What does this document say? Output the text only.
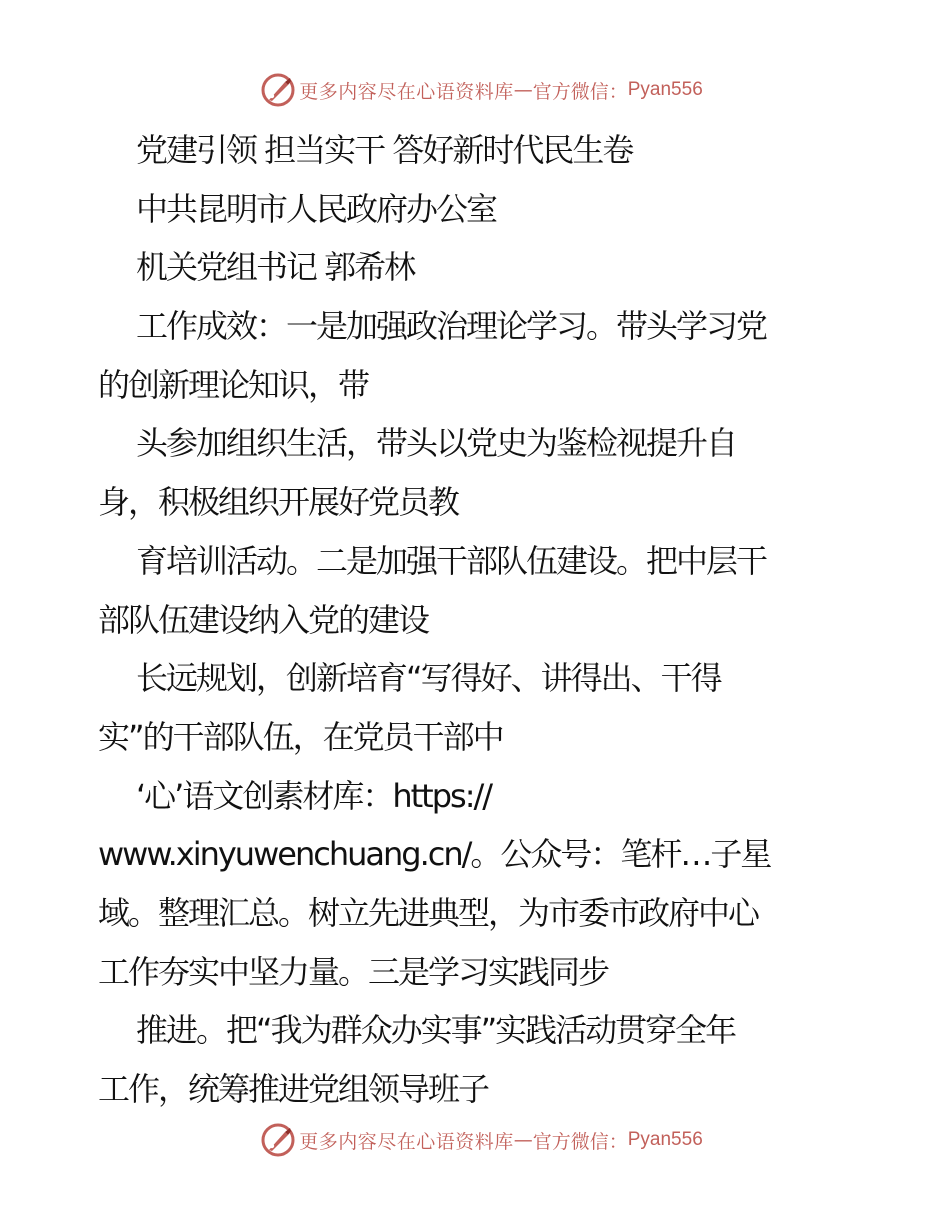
更多内容尽在心语资料库 — 官方微信： Pyan556

党建引领 担当实干 答好新时代民生卷

中共昆明市人民政府办公室

机关党组书记 郭希林

工作成效：一是加强政治理论学习。带头学习党

的创新理论知识，带

头参加组织生活，带头以党史为鉴检视提升自

身，积极组织开展好党员教

育培训活动。二是加强干部队伍建设。把中层干

部队伍建设纳入党的建设

长远规划，创新培育“写得好、讲得出、干得

实”的干部队伍，在党员干部中

‘心’语文创素材库：https://

www.xinyuwenchuang.cn/。公众号：笔杆…子星

域。整理汇总。树立先进典型，为市委市政府中心

工作夯实中坚力量。三是学习实践同步

推进。把“我为群众办实事”实践活动贯穿全年

工作，统筹推进党组领导班子

更多内容尽在心语资料库 — 官方微信： Pyan556
